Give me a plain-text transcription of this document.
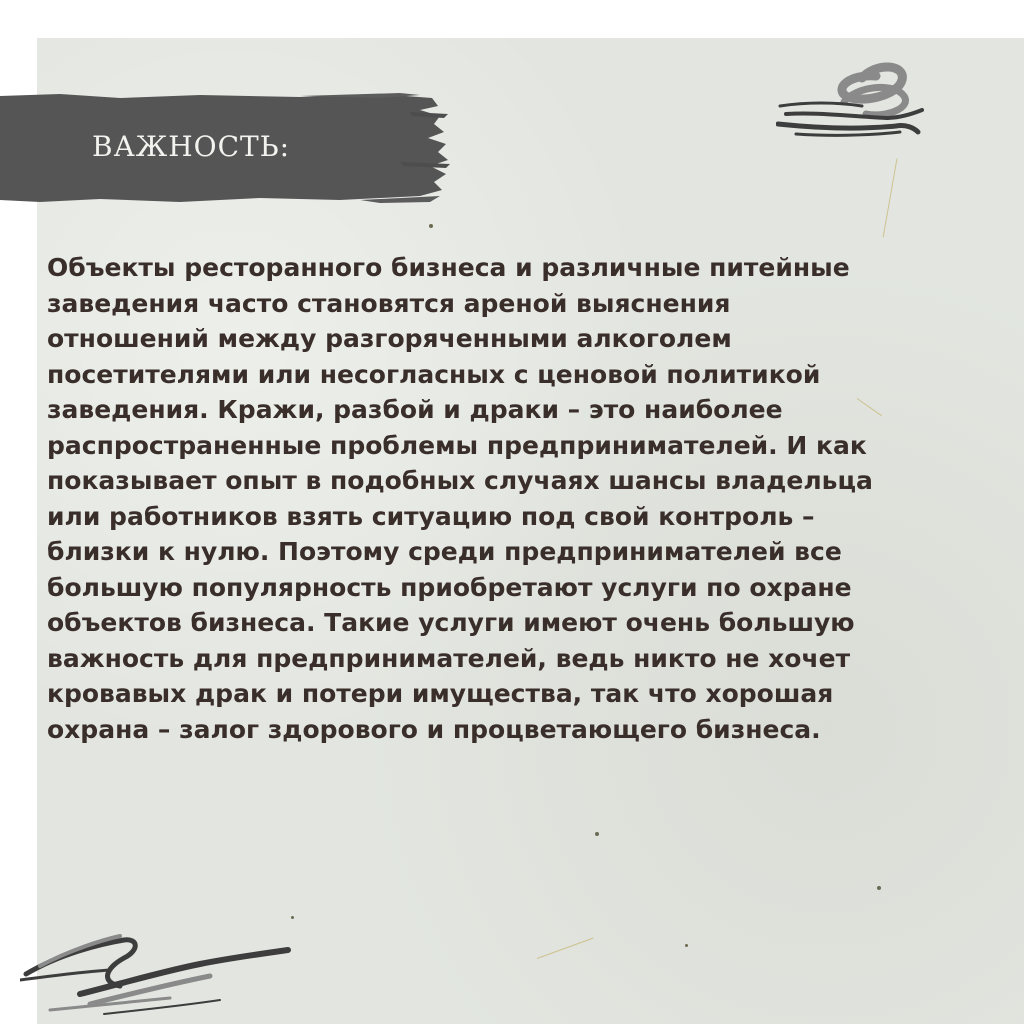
ВАЖНОСТЬ:

Объекты ресторанного бизнеса и различные питейные
заведения часто становятся ареной выяснения
отношений между разгоряченными алкоголем
посетителями или несогласных с ценовой политикой
заведения. Кражи, разбой и драки – это наиболее
распространенные проблемы предпринимателей. И как
показывает опыт в подобных случаях шансы владельца
или работников взять ситуацию под свой контроль –
близки к нулю. Поэтому среди предпринимателей все
большую популярность приобретают услуги по охране
объектов бизнеса. Такие услуги имеют очень большую
важность для предпринимателей, ведь никто не хочет
кровавых драк и потери имущества, так что хорошая
охрана – залог здорового и процветающего бизнеса.
